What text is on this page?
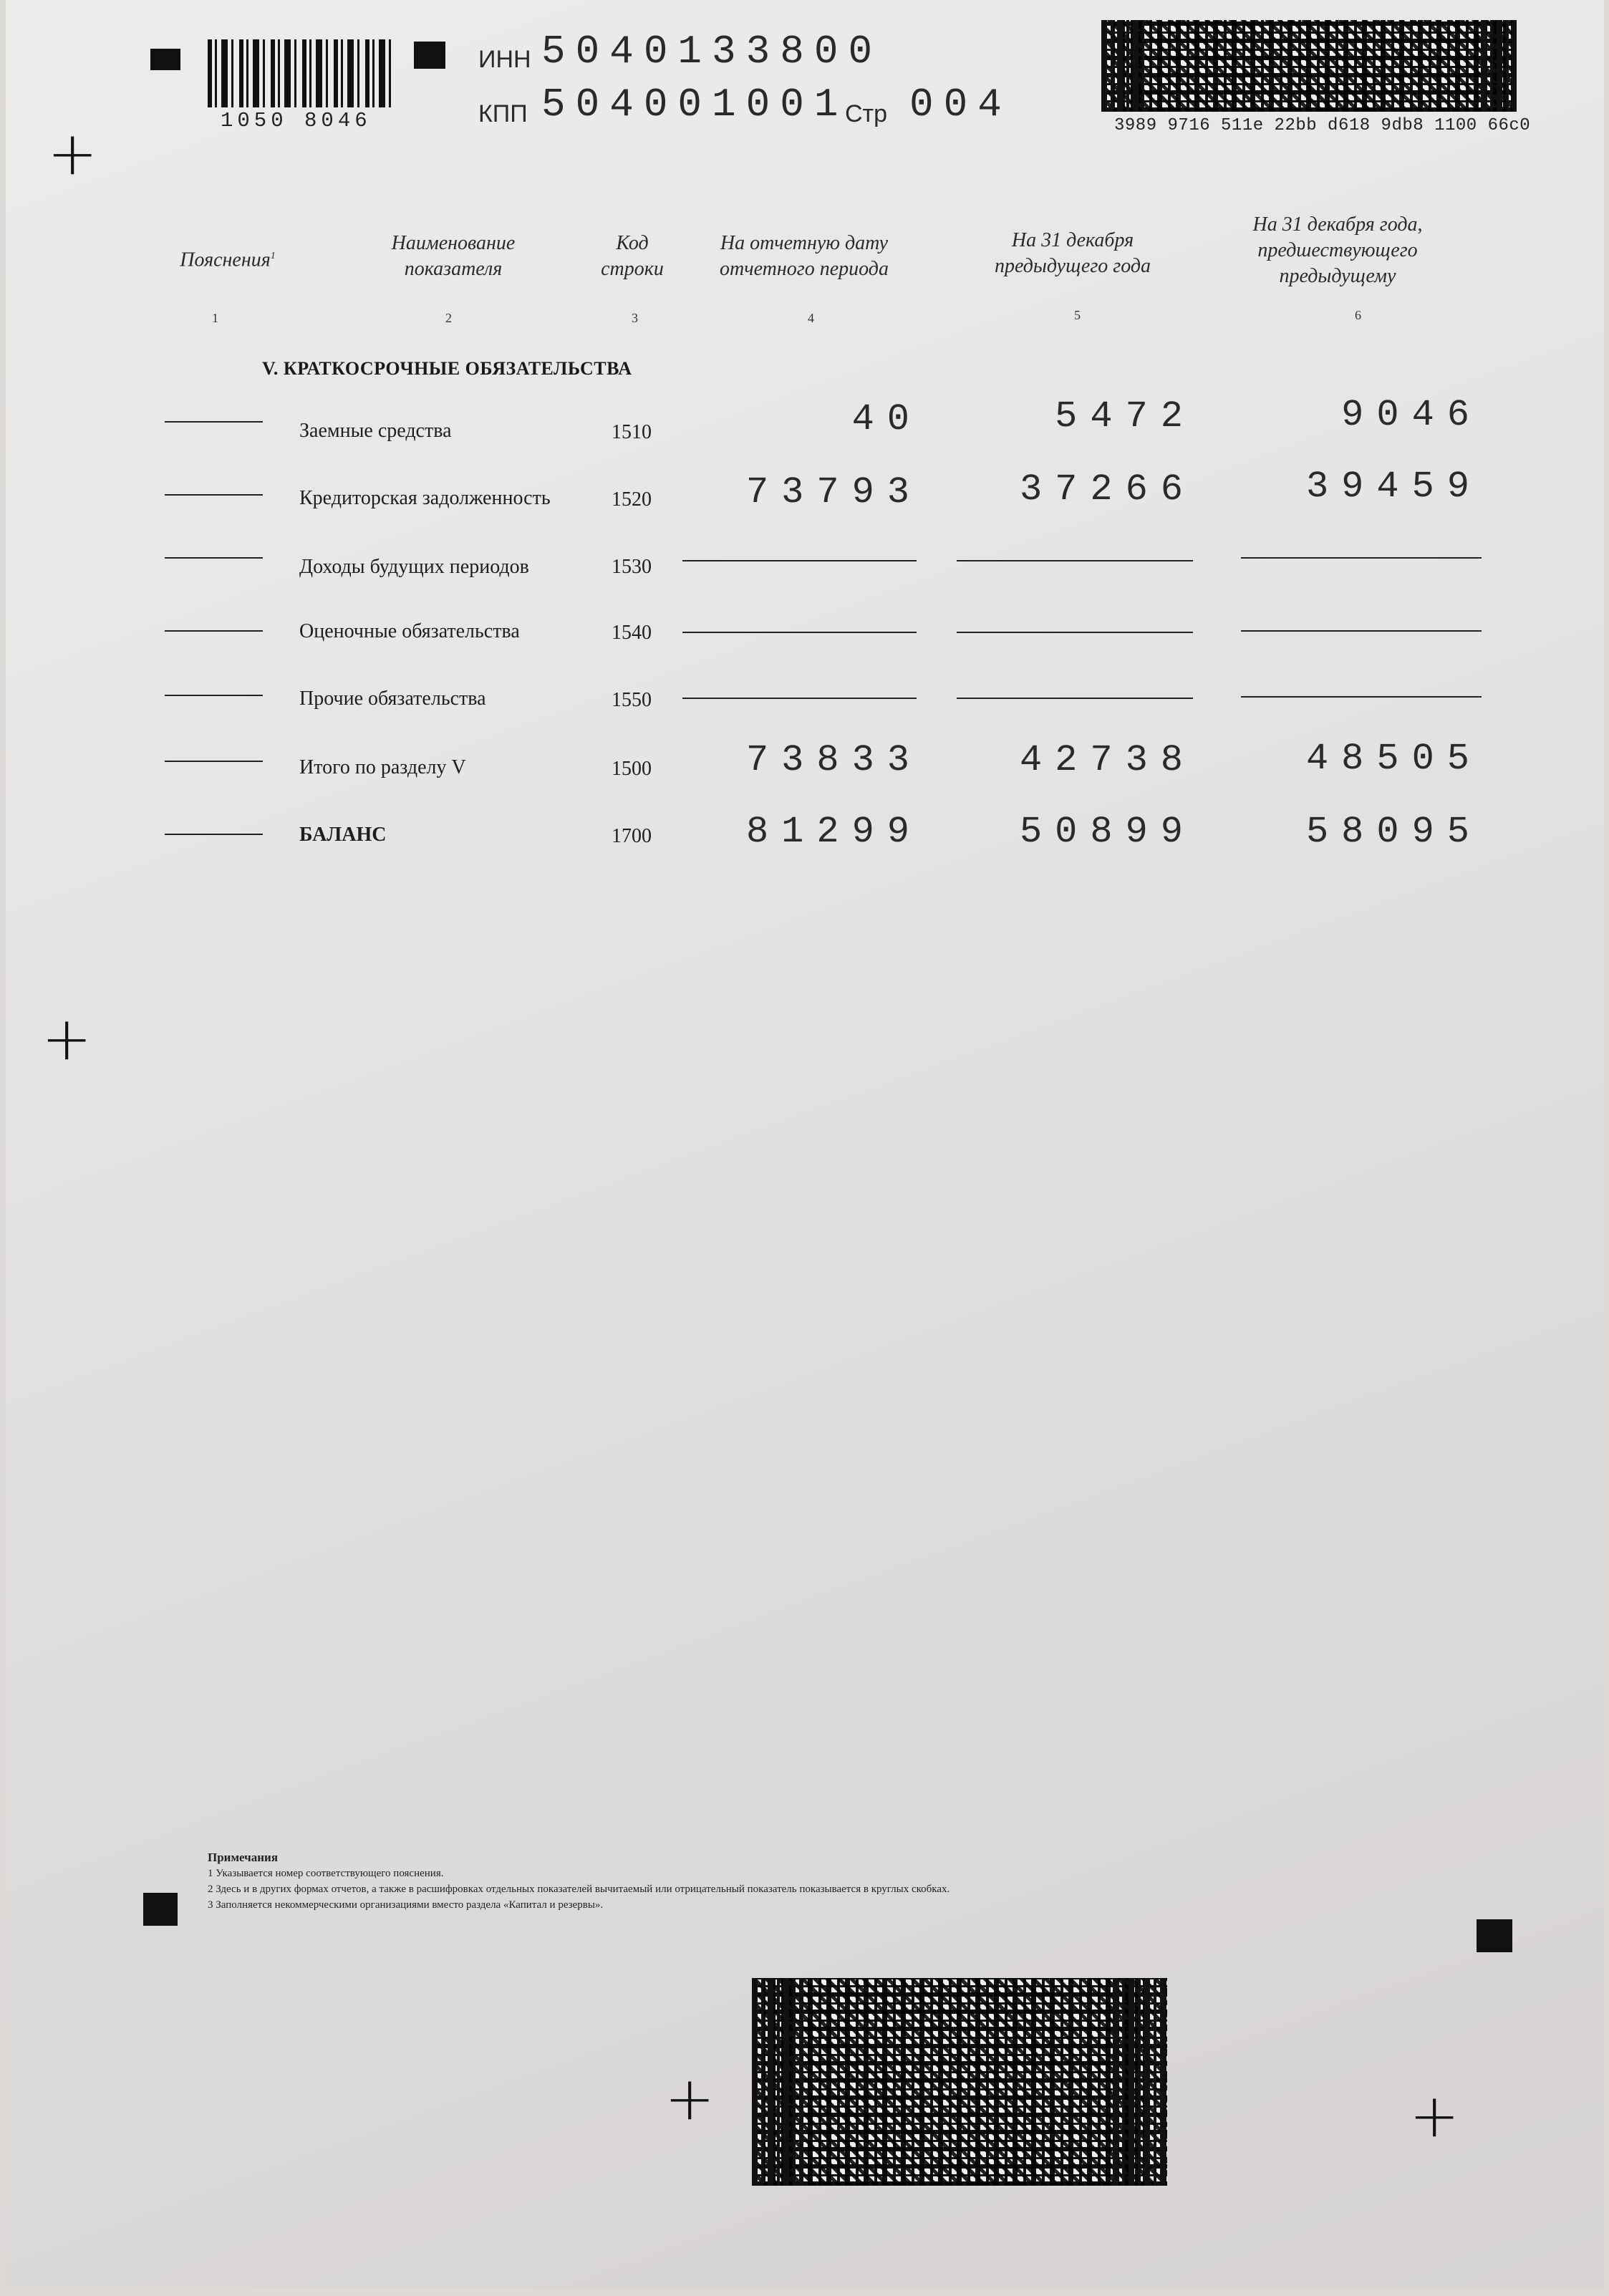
1050 8046
ИНН 5040133800
КПП 504001001
Стр 004	3989 9716 511e 22bb d618 9db8 1100 66c0
+
+
+	+
Пояснения$^1$
Наименование показателя
Код строки
На отчетную дату отчетного периода
На 31 декабря предыдущего года
На 31 декабря года, предшествующего предыдущему
1	2	3	4	5	6
V. КРАТКОСРОЧНЫЕ ОБЯЗАТЕЛЬСТВА
Заемные средства	1510	40	5472	9046
Кредиторская задолженность	1520	73793	37266	39459
Доходы будущих периодов	1530
Оценочные обязательства	1540
Прочие обязательства	1550
Итого по разделу V	1500	73833	42738	48505
БАЛАНС	1700	81299	50899	58095
Примечания
1 Указывается номер соответствующего пояснения.
2 Здесь и в других формах отчетов, а также в расшифровках отдельных показателей вычитаемый или отрицательный показатель показывается в круглых скобках.
3 Заполняется некоммерческими организациями вместо раздела «Капитал и резервы».
